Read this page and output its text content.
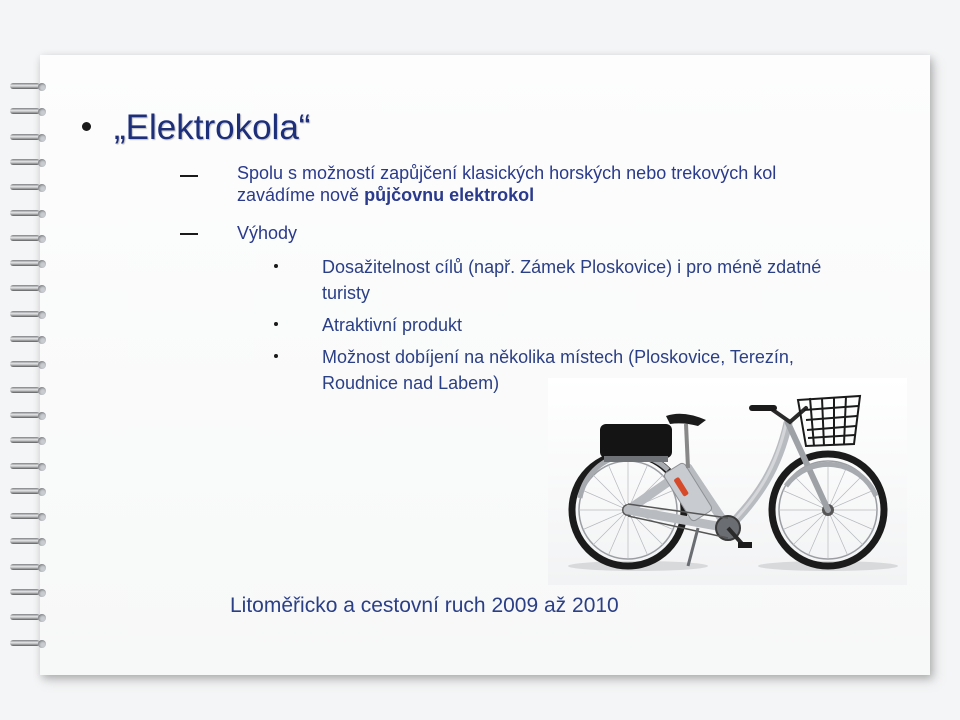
„Elektrokola“
Spolu s možností zapůjčení klasických horských nebo trekových kol
zavádíme nově půjčovnu elektrokol
Výhody
Dosažitelnost cílů (např. Zámek Ploskovice) i pro méně zdatné
turisty
Atraktivní produkt
Možnost dobíjení na několika místech (Ploskovice, Terezín,
Roudnice nad Labem)
Litoměřicko a cestovní ruch 2009 až 2010
